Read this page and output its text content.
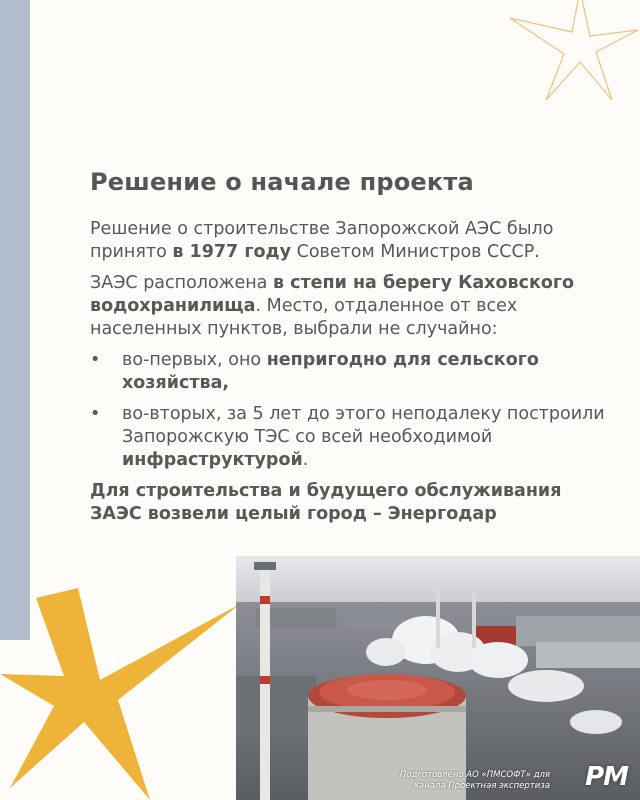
Решение о начале проекта

Решение о строительстве Запорожской АЭС было принято в 1977 году Советом Министров СССР.

ЗАЭС расположена в степи на берегу Каховского водохранилища. Место, отдаленное от всех населенных пунктов, выбрали не случайно:

• во-первых, оно непригодно для сельского хозяйства,
• во-вторых, за 5 лет до этого неподалеку построили Запорожскую ТЭС со всей необходимой инфраструктурой.

Для строительства и будущего обслуживания ЗАЭС возвели целый город – Энергодар

Подготовлено АО «ПМСОФТ» для канала Проектная экспертиза PM
